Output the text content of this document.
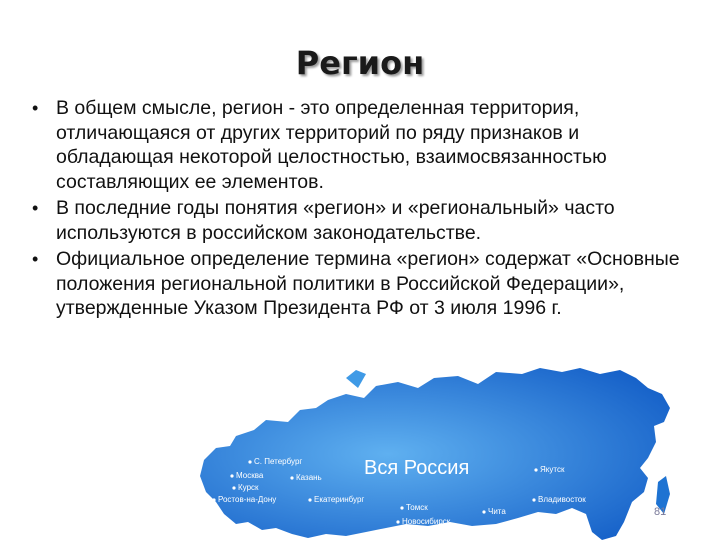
Регион
• В общем смысле, регион - это определенная территория, отличающаяся от других территорий по ряду признаков и обладающая некоторой целостностью, взаимосвязанностью составляющих ее элементов.
• В последние годы понятия «регион» и «региональный» часто используются в российском законодательстве.
• Официальное определение термина «регион» содержат «Основные положения региональной политики в Российской Федерации», утвержденные Указом Президента РФ от 3 июля 1996 г.
Вся Россия
С. Петербург
Москва	Казань
Курск
Ростов-на-Дону	Екатеринбург
Томск
Новосибирск
Чита
Якутск
Владивосток
81
